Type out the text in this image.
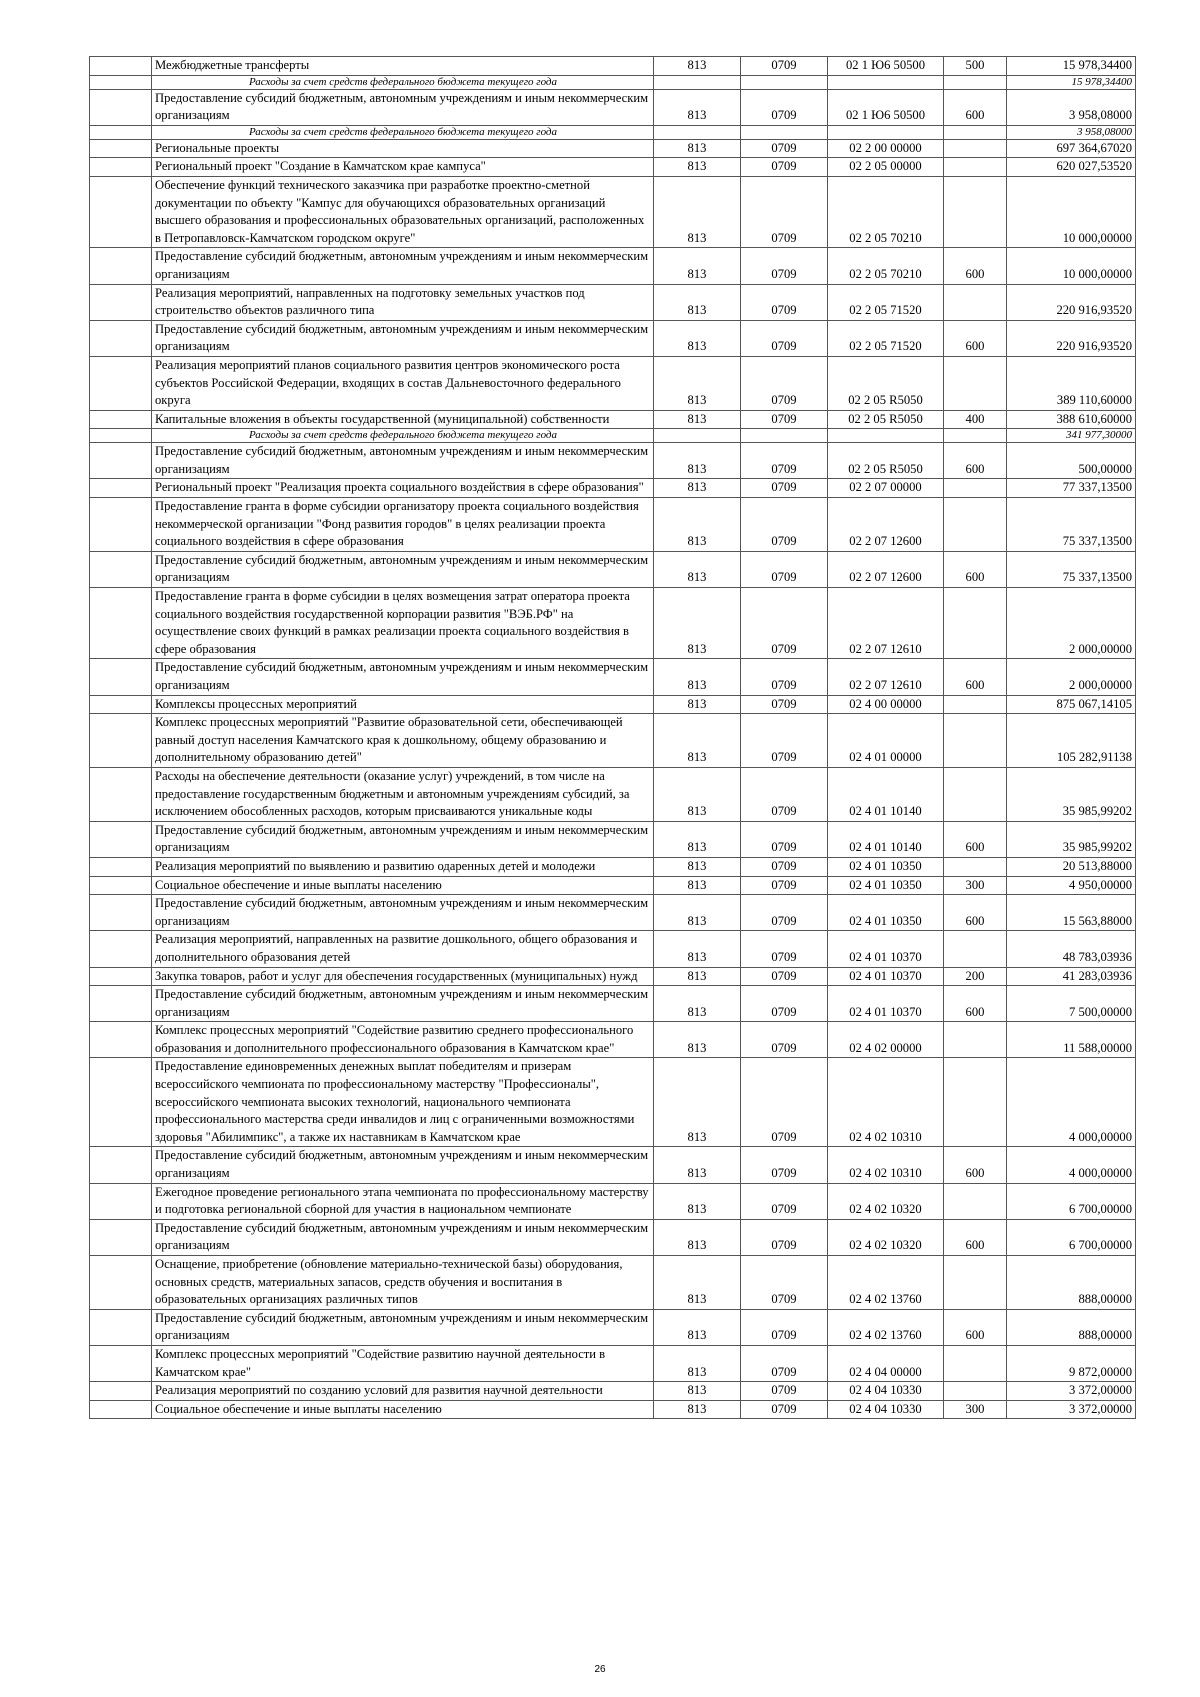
	Межбюджетные трансферты	813	0709	02 1 Ю6 50500	500	15 978,34400
	Расходы за счет средств федерального бюджета текущего года					15 978,34400
	Предоставление субсидий бюджетным, автономным учреждениям и иным некоммерческим организациям	813	0709	02 1 Ю6 50500	600	3 958,08000
	Расходы за счет средств федерального бюджета текущего года					3 958,08000
	Региональные проекты	813	0709	02 2 00 00000		697 364,67020
	Региональный проект "Создание в Камчатском крае кампуса"	813	0709	02 2 05 00000		620 027,53520
	Обеспечение функций технического заказчика при разработке проектно-сметной документации по объекту "Кампус для обучающихся образовательных организаций высшего образования и профессиональных образовательных организаций, расположенных в Петропавловск-Камчатском городском округе"	813	0709	02 2 05 70210		10 000,00000
	Предоставление субсидий бюджетным, автономным учреждениям и иным некоммерческим организациям	813	0709	02 2 05 70210	600	10 000,00000
	Реализация мероприятий, направленных на подготовку земельных участков под строительство объектов различного типа	813	0709	02 2 05 71520		220 916,93520
	Предоставление субсидий бюджетным, автономным учреждениям и иным некоммерческим организациям	813	0709	02 2 05 71520	600	220 916,93520
	Реализация мероприятий планов социального развития центров экономического роста субъектов Российской Федерации, входящих в состав Дальневосточного федерального округа	813	0709	02 2 05 R5050		389 110,60000
	Капитальные вложения в объекты государственной (муниципальной) собственности	813	0709	02 2 05 R5050	400	388 610,60000
	Расходы за счет средств федерального бюджета текущего года					341 977,30000
	Предоставление субсидий бюджетным, автономным учреждениям и иным некоммерческим организациям	813	0709	02 2 05 R5050	600	500,00000
	Региональный проект "Реализация проекта социального воздействия в сфере образования"	813	0709	02 2 07 00000		77 337,13500
	Предоставление гранта в форме субсидии организатору проекта социального воздействия некоммерческой организации "Фонд развития городов" в целях реализации проекта социального воздействия в сфере образования	813	0709	02 2 07 12600		75 337,13500
	Предоставление субсидий бюджетным, автономным учреждениям и иным некоммерческим организациям	813	0709	02 2 07 12600	600	75 337,13500
	Предоставление гранта в форме субсидии в целях возмещения затрат оператора проекта социального воздействия государственной корпорации развития "ВЭБ.РФ" на осуществление своих функций в рамках реализации проекта социального воздействия в сфере образования	813	0709	02 2 07 12610		2 000,00000
	Предоставление субсидий бюджетным, автономным учреждениям и иным некоммерческим организациям	813	0709	02 2 07 12610	600	2 000,00000
	Комплексы процессных мероприятий	813	0709	02 4 00 00000		875 067,14105
	Комплекс процессных мероприятий "Развитие образовательной сети, обеспечивающей равный доступ населения Камчатского края к дошкольному, общему образованию и дополнительному образованию детей"	813	0709	02 4 01 00000		105 282,91138
	Расходы на обеспечение деятельности (оказание услуг) учреждений, в том числе на предоставление государственным бюджетным и автономным учреждениям субсидий, за исключением обособленных расходов, которым присваиваются уникальные коды	813	0709	02 4 01 10140		35 985,99202
	Предоставление субсидий бюджетным, автономным учреждениям и иным некоммерческим организациям	813	0709	02 4 01 10140	600	35 985,99202
	Реализация мероприятий по выявлению и развитию одаренных детей и молодежи	813	0709	02 4 01 10350		20 513,88000
	Социальное обеспечение и иные выплаты населению	813	0709	02 4 01 10350	300	4 950,00000
	Предоставление субсидий бюджетным, автономным учреждениям и иным некоммерческим организациям	813	0709	02 4 01 10350	600	15 563,88000
	Реализация мероприятий, направленных на развитие дошкольного, общего образования и дополнительного образования детей	813	0709	02 4 01 10370		48 783,03936
	Закупка товаров, работ и услуг для обеспечения государственных (муниципальных) нужд	813	0709	02 4 01 10370	200	41 283,03936
	Предоставление субсидий бюджетным, автономным учреждениям и иным некоммерческим организациям	813	0709	02 4 01 10370	600	7 500,00000
	Комплекс процессных мероприятий "Содействие развитию среднего профессионального образования и дополнительного профессионального образования в Камчатском крае"	813	0709	02 4 02 00000		11 588,00000
	Предоставление единовременных денежных выплат победителям и призерам всероссийского чемпионата по профессиональному мастерству "Профессионалы", всероссийского чемпионата высоких технологий, национального чемпионата профессионального мастерства среди инвалидов и лиц с ограниченными возможностями здоровья "Абилимпикс", а также их наставникам в Камчатском крае	813	0709	02 4 02 10310		4 000,00000
	Предоставление субсидий бюджетным, автономным учреждениям и иным некоммерческим организациям	813	0709	02 4 02 10310	600	4 000,00000
	Ежегодное проведение регионального этапа чемпионата по профессиональному мастерству и подготовка региональной сборной для участия в национальном чемпионате	813	0709	02 4 02 10320		6 700,00000
	Предоставление субсидий бюджетным, автономным учреждениям и иным некоммерческим организациям	813	0709	02 4 02 10320	600	6 700,00000
	Оснащение, приобретение (обновление материально-технической базы) оборудования, основных средств, материальных запасов, средств обучения и воспитания в образовательных организациях различных типов	813	0709	02 4 02 13760		888,00000
	Предоставление субсидий бюджетным, автономным учреждениям и иным некоммерческим организациям	813	0709	02 4 02 13760	600	888,00000
	Комплекс процессных мероприятий "Содействие развитию научной деятельности в Камчатском крае"	813	0709	02 4 04 00000		9 872,00000
	Реализация мероприятий по созданию условий для развития научной деятельности	813	0709	02 4 04 10330		3 372,00000
	Социальное обеспечение и иные выплаты населению	813	0709	02 4 04 10330	300	3 372,00000
26
